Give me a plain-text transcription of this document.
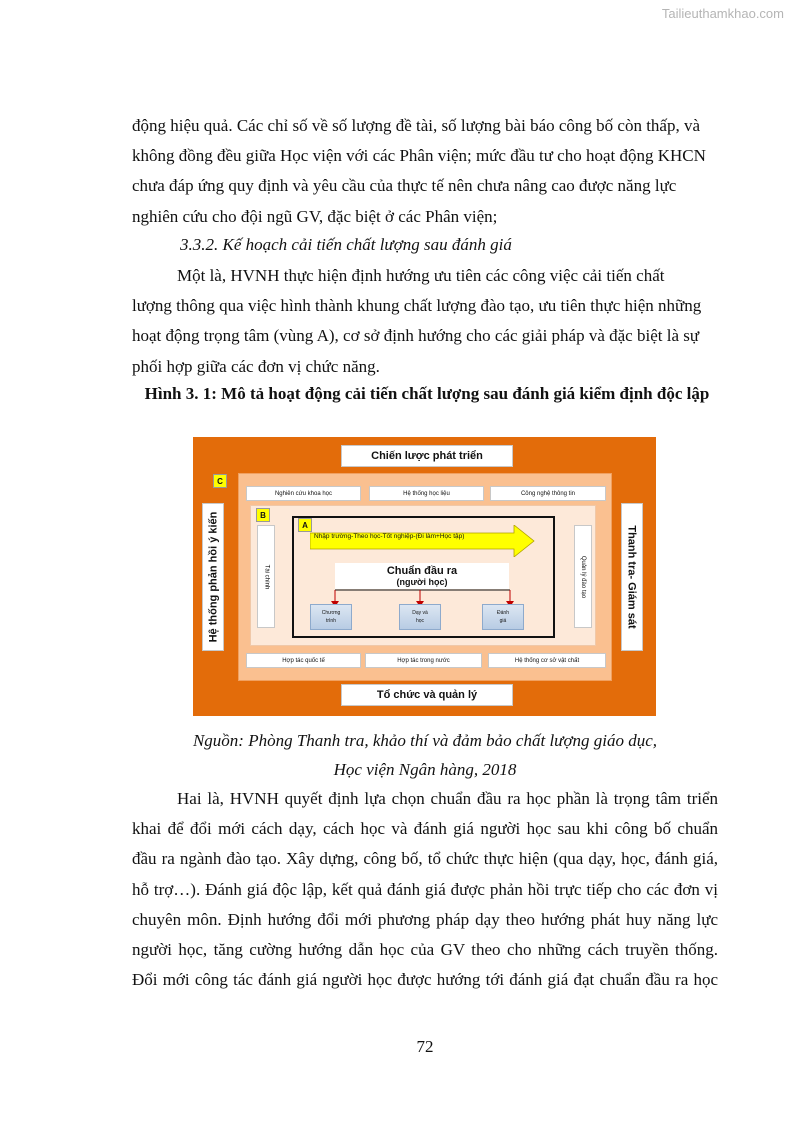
Tailieuthamkhao.com
động hiệu quả. Các chỉ số về số lượng đề tài, số lượng bài báo công bố còn thấp, và
không đồng đều giữa Học viện với các Phân viện; mức đầu tư cho hoạt động KHCN
chưa đáp ứng quy định và yêu cầu của thực tế nên chưa nâng cao được năng lực
nghiên cứu cho đội ngũ GV, đặc biệt ở các Phân viện;
3.3.2. Kế hoạch cải tiến chất lượng sau đánh giá
Một là, HVNH thực hiện định hướng ưu tiên các công việc cải tiến chất
lượng thông qua việc hình thành khung chất lượng đào tạo, ưu tiên thực hiện những
hoạt động trọng tâm (vùng A), cơ sở định hướng cho các giải pháp và đặc biệt là sự
phối hợp giữa các đơn vị chức năng.
Hình 3. 1: Mô tả hoạt động cải tiến chất lượng sau đánh giá kiểm định độc lập
Chiến lược phát triển
Hệ thống phản hồi ý kiến	Thanh tra- Giám sát
C
Nghiên cứu khoa học	Hệ thống học liệu	Công nghệ thông tin
B
Tài chính	Quản lý đào tạo
A
Nhập trường-Theo học-Tốt nghiệp-(Đi làm+Học tập)
Chuẩn đầu ra
(người học)
Chương
trình
Dạy và
học
Đánh
giá
Hợp tác quốc tế	Hợp tác trong nước	Hệ thống cơ sở vật chất
Tổ chức và quản lý
Nguồn: Phòng Thanh tra, khảo thí và đảm bảo chất lượng giáo dục,
Học viện Ngân hàng, 2018
Hai là, HVNH quyết định lựa chọn chuẩn đầu ra học phần là trọng tâm triển
khai để đổi mới cách dạy, cách học và đánh giá người học sau khi công bố chuẩn
đầu ra ngành đào tạo. Xây dựng, công bố, tổ chức thực hiện (qua dạy, học, đánh giá,
hỗ trợ…). Đánh giá độc lập, kết quả đánh giá được phản hồi trực tiếp cho các đơn vị
chuyên môn. Định hướng đổi mới phương pháp dạy theo hướng phát huy năng lực
người học, tăng cường hướng dẫn học của GV theo cho những cách truyền thống.
Đổi mới công tác đánh giá người học được hướng tới đánh giá đạt chuẩn đầu ra học
72
